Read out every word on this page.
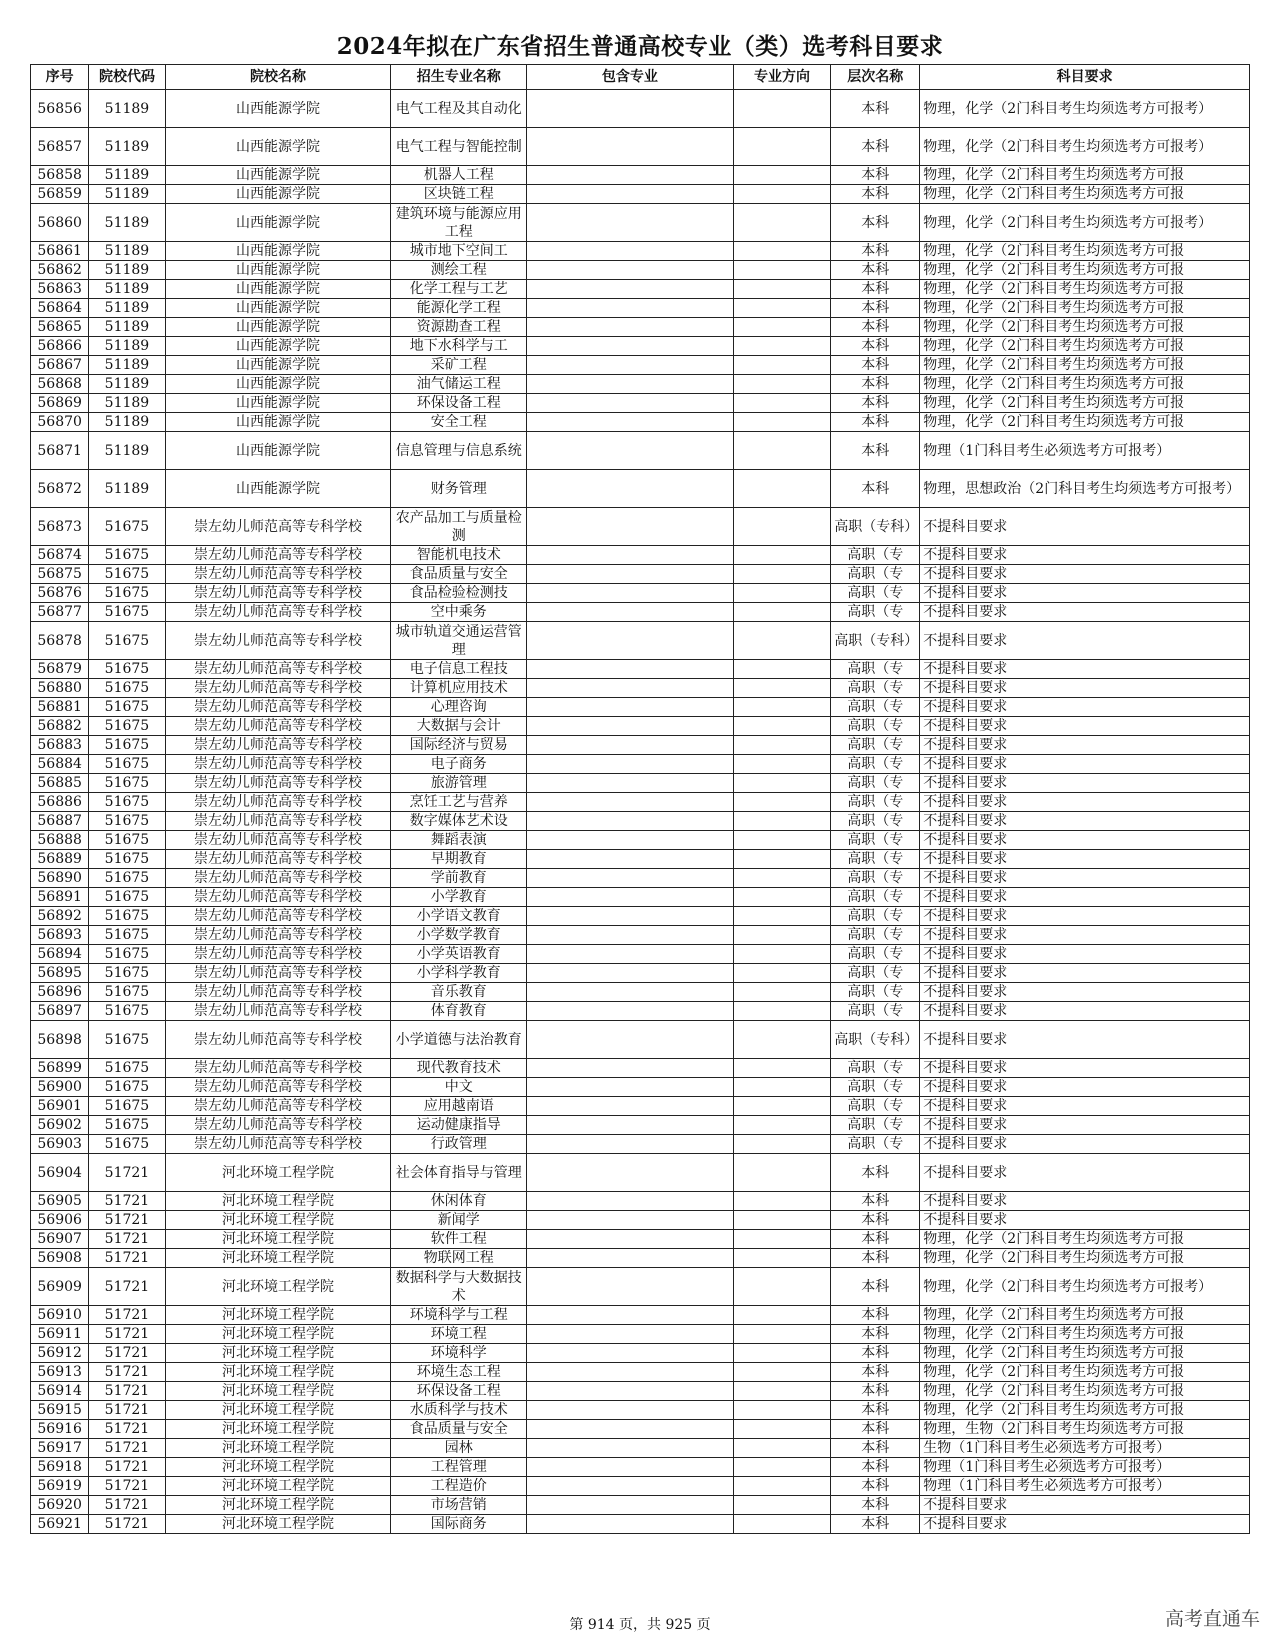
2024年拟在广东省招生普通高校专业（类）选考科目要求
序号	院校代码	院校名称	招生专业名称	包含专业	专业方向	层次名称	科目要求
56856	51189	山西能源学院	电气工程及其自动化			本科	物理，化学（2门科目考生均须选考方可报考）
56857	51189	山西能源学院	电气工程与智能控制			本科	物理，化学（2门科目考生均须选考方可报考）
56858	51189	山西能源学院	机器人工程			本科	物理，化学（2门科目考生均须选考方可报
56859	51189	山西能源学院	区块链工程			本科	物理，化学（2门科目考生均须选考方可报
56860	51189	山西能源学院	建筑环境与能源应用工程			本科	物理，化学（2门科目考生均须选考方可报考）
56861	51189	山西能源学院	城市地下空间工			本科	物理，化学（2门科目考生均须选考方可报
56862	51189	山西能源学院	测绘工程			本科	物理，化学（2门科目考生均须选考方可报
56863	51189	山西能源学院	化学工程与工艺			本科	物理，化学（2门科目考生均须选考方可报
56864	51189	山西能源学院	能源化学工程			本科	物理，化学（2门科目考生均须选考方可报
56865	51189	山西能源学院	资源勘查工程			本科	物理，化学（2门科目考生均须选考方可报
56866	51189	山西能源学院	地下水科学与工			本科	物理，化学（2门科目考生均须选考方可报
56867	51189	山西能源学院	采矿工程			本科	物理，化学（2门科目考生均须选考方可报
56868	51189	山西能源学院	油气储运工程			本科	物理，化学（2门科目考生均须选考方可报
56869	51189	山西能源学院	环保设备工程			本科	物理，化学（2门科目考生均须选考方可报
56870	51189	山西能源学院	安全工程			本科	物理，化学（2门科目考生均须选考方可报
56871	51189	山西能源学院	信息管理与信息系统			本科	物理（1门科目考生必须选考方可报考）
56872	51189	山西能源学院	财务管理			本科	物理，思想政治（2门科目考生均须选考方可报考）
56873	51675	崇左幼儿师范高等专科学校	农产品加工与质量检测			高职（专科）	不提科目要求
56874	51675	崇左幼儿师范高等专科学校	智能机电技术			高职（专	不提科目要求
56875	51675	崇左幼儿师范高等专科学校	食品质量与安全			高职（专	不提科目要求
56876	51675	崇左幼儿师范高等专科学校	食品检验检测技			高职（专	不提科目要求
56877	51675	崇左幼儿师范高等专科学校	空中乘务			高职（专	不提科目要求
56878	51675	崇左幼儿师范高等专科学校	城市轨道交通运营管理			高职（专科）	不提科目要求
56879	51675	崇左幼儿师范高等专科学校	电子信息工程技			高职（专	不提科目要求
56880	51675	崇左幼儿师范高等专科学校	计算机应用技术			高职（专	不提科目要求
56881	51675	崇左幼儿师范高等专科学校	心理咨询			高职（专	不提科目要求
56882	51675	崇左幼儿师范高等专科学校	大数据与会计			高职（专	不提科目要求
56883	51675	崇左幼儿师范高等专科学校	国际经济与贸易			高职（专	不提科目要求
56884	51675	崇左幼儿师范高等专科学校	电子商务			高职（专	不提科目要求
56885	51675	崇左幼儿师范高等专科学校	旅游管理			高职（专	不提科目要求
56886	51675	崇左幼儿师范高等专科学校	烹饪工艺与营养			高职（专	不提科目要求
56887	51675	崇左幼儿师范高等专科学校	数字媒体艺术设			高职（专	不提科目要求
56888	51675	崇左幼儿师范高等专科学校	舞蹈表演			高职（专	不提科目要求
56889	51675	崇左幼儿师范高等专科学校	早期教育			高职（专	不提科目要求
56890	51675	崇左幼儿师范高等专科学校	学前教育			高职（专	不提科目要求
56891	51675	崇左幼儿师范高等专科学校	小学教育			高职（专	不提科目要求
56892	51675	崇左幼儿师范高等专科学校	小学语文教育			高职（专	不提科目要求
56893	51675	崇左幼儿师范高等专科学校	小学数学教育			高职（专	不提科目要求
56894	51675	崇左幼儿师范高等专科学校	小学英语教育			高职（专	不提科目要求
56895	51675	崇左幼儿师范高等专科学校	小学科学教育			高职（专	不提科目要求
56896	51675	崇左幼儿师范高等专科学校	音乐教育			高职（专	不提科目要求
56897	51675	崇左幼儿师范高等专科学校	体育教育			高职（专	不提科目要求
56898	51675	崇左幼儿师范高等专科学校	小学道德与法治教育			高职（专科）	不提科目要求
56899	51675	崇左幼儿师范高等专科学校	现代教育技术			高职（专	不提科目要求
56900	51675	崇左幼儿师范高等专科学校	中文			高职（专	不提科目要求
56901	51675	崇左幼儿师范高等专科学校	应用越南语			高职（专	不提科目要求
56902	51675	崇左幼儿师范高等专科学校	运动健康指导			高职（专	不提科目要求
56903	51675	崇左幼儿师范高等专科学校	行政管理			高职（专	不提科目要求
56904	51721	河北环境工程学院	社会体育指导与管理			本科	不提科目要求
56905	51721	河北环境工程学院	休闲体育			本科	不提科目要求
56906	51721	河北环境工程学院	新闻学			本科	不提科目要求
56907	51721	河北环境工程学院	软件工程			本科	物理，化学（2门科目考生均须选考方可报
56908	51721	河北环境工程学院	物联网工程			本科	物理，化学（2门科目考生均须选考方可报
56909	51721	河北环境工程学院	数据科学与大数据技术			本科	物理，化学（2门科目考生均须选考方可报考）
56910	51721	河北环境工程学院	环境科学与工程			本科	物理，化学（2门科目考生均须选考方可报
56911	51721	河北环境工程学院	环境工程			本科	物理，化学（2门科目考生均须选考方可报
56912	51721	河北环境工程学院	环境科学			本科	物理，化学（2门科目考生均须选考方可报
56913	51721	河北环境工程学院	环境生态工程			本科	物理，化学（2门科目考生均须选考方可报
56914	51721	河北环境工程学院	环保设备工程			本科	物理，化学（2门科目考生均须选考方可报
56915	51721	河北环境工程学院	水质科学与技术			本科	物理，化学（2门科目考生均须选考方可报
56916	51721	河北环境工程学院	食品质量与安全			本科	物理，生物（2门科目考生均须选考方可报
56917	51721	河北环境工程学院	园林			本科	生物（1门科目考生必须选考方可报考）
56918	51721	河北环境工程学院	工程管理			本科	物理（1门科目考生必须选考方可报考）
56919	51721	河北环境工程学院	工程造价			本科	物理（1门科目考生必须选考方可报考）
56920	51721	河北环境工程学院	市场营销			本科	不提科目要求
56921	51721	河北环境工程学院	国际商务			本科	不提科目要求
第 914 页，共 925 页	高考直通车
